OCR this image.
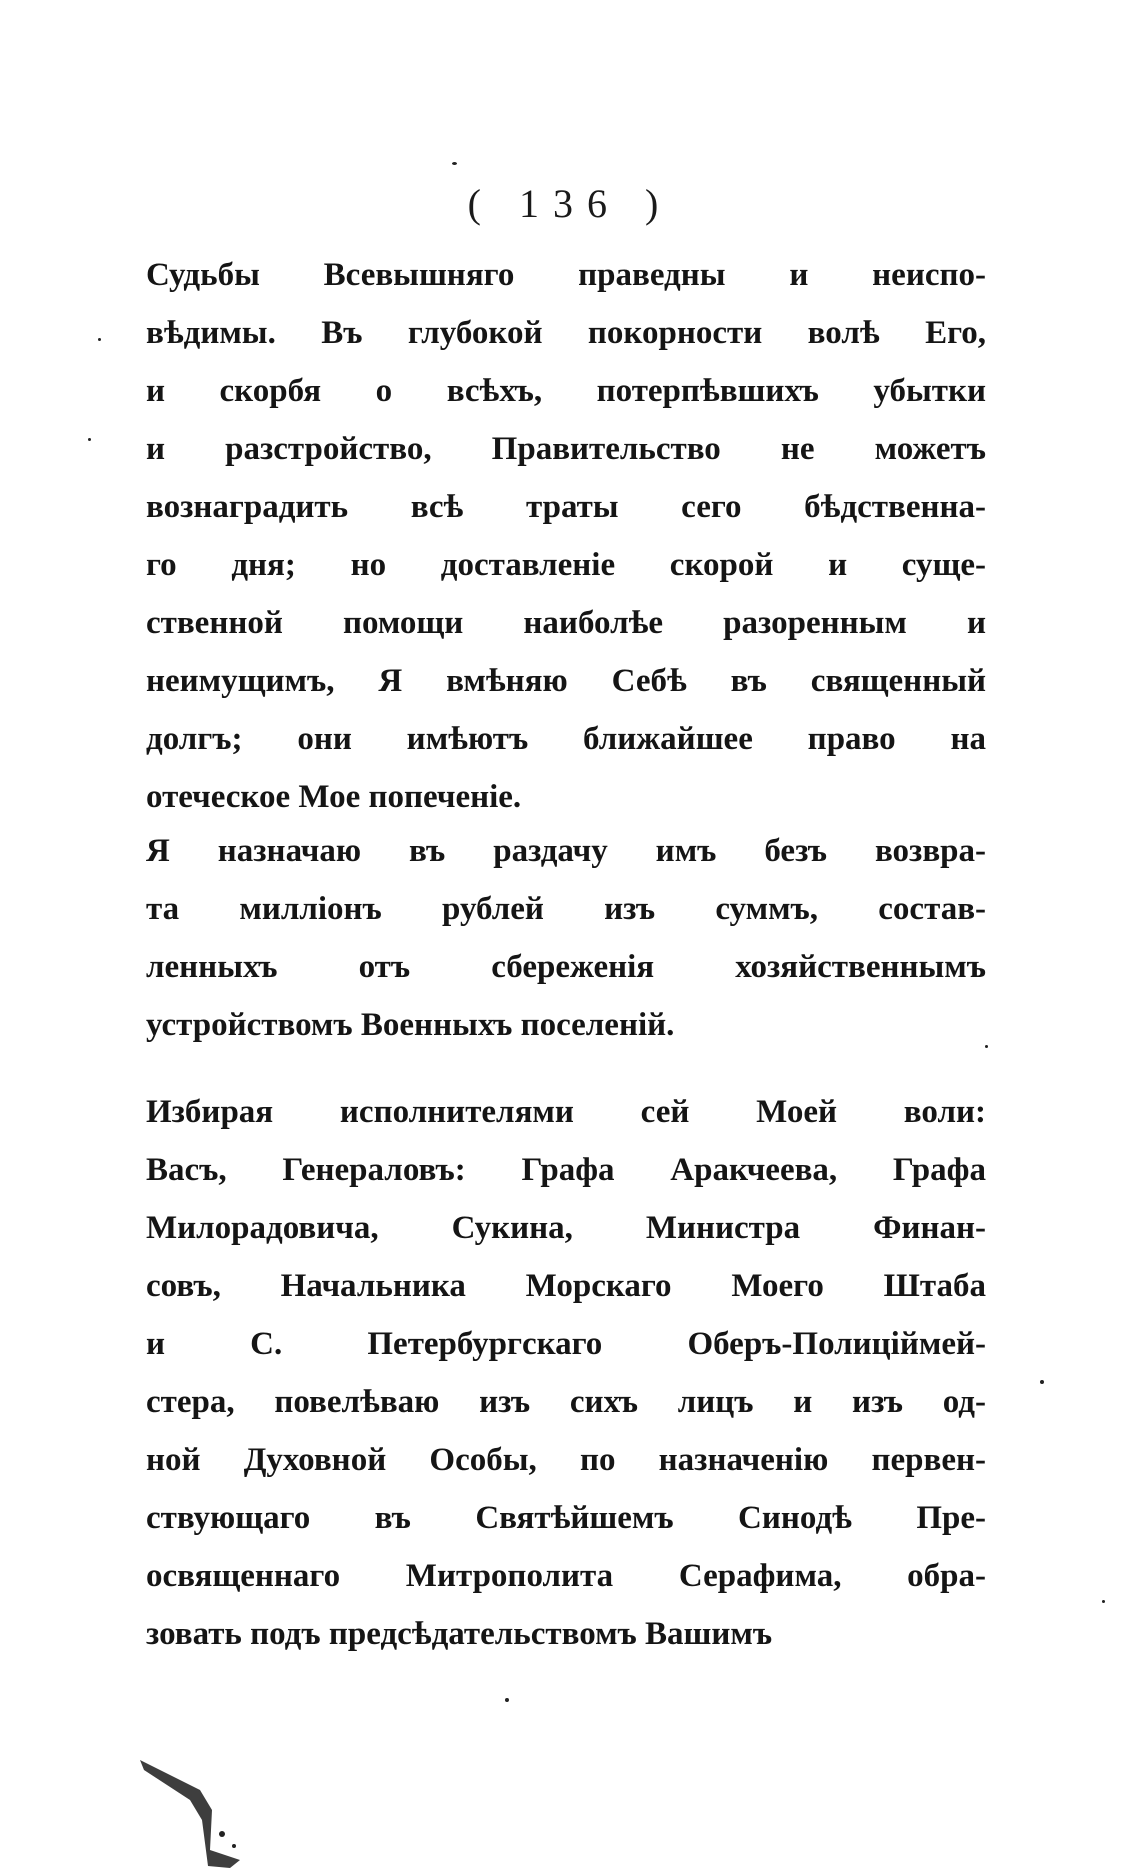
( 136 )
Судьбы Всевышняго праведны и неиспо-
вѣдимы. Въ глубокой покорности волѣ Его,
и скорбя о всѣхъ, потерпѣвшихъ убытки
и разстройство, Правительство не можетъ
вознаградить всѣ траты сего бѣдственна-
го дня; но доставленіе скорой и суще-
ственной помощи наиболѣе разоренным и
неимущимъ, Я вмѣняю Себѣ въ священный
долгъ; они имѣютъ ближайшее право на
отеческое Мое попеченіе.
Я назначаю въ раздачу имъ безъ возвра-
та милліонъ рублей изъ суммъ, состав-
ленныхъ отъ сбереженія хозяйственнымъ
устройствомъ Военныхъ поселеній.
Избирая исполнителями сей Моей воли:
Васъ, Генераловъ: Графа Аракчеева, Графа
Милорадовича, Сукина, Министра Финан-
совъ, Начальника Морскаго Моего Штаба
и С. Петербургскаго Оберъ-Полицiймей-
стера, повелѣваю изъ сихъ лицъ и изъ од-
ной Духовной Особы, по назначенію первен-
ствующаго въ Святѣйшемъ Синодѣ Пре-
освященнаго Митрополита Серафима, обра-
зовать подъ предсѣдательствомъ Вашимъ
